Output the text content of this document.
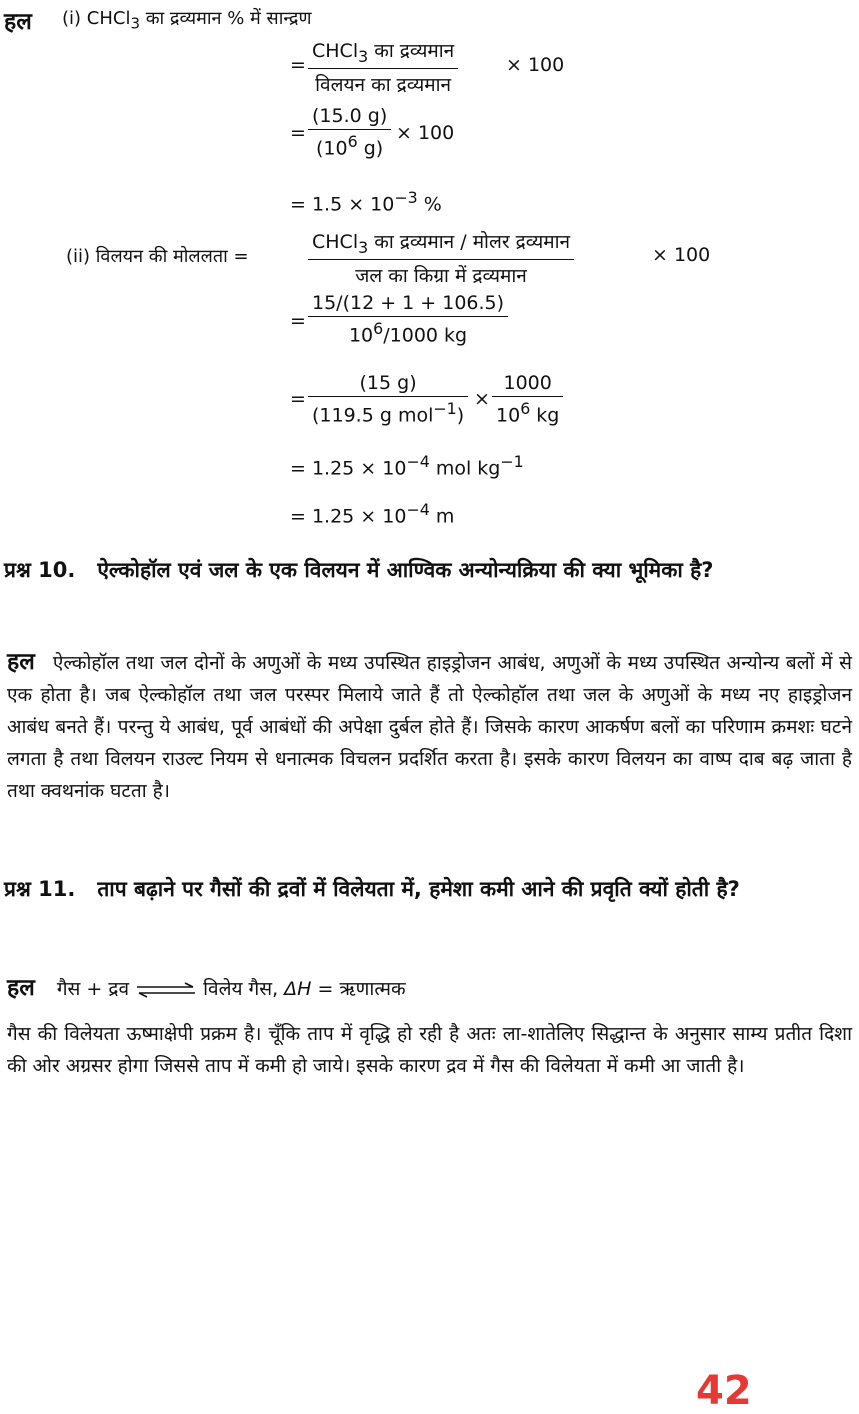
हल (i) CHCl$_3$ का द्रव्यमान % में सान्द्रण
=
CHCl$_3$ का द्रव्यमान
विलयन का द्रव्यमान
× 100
= $\frac{(15.0 g)}{(10^6 g)} \times 100$
= $1.5 \times 10^{-3}$ %
(ii) विलयन की मोललता =
CHCl$_3$ का द्रव्यमान / मोलर द्रव्यमान
जल का किग्रा में द्रव्यमान
× 100
= $\frac{15/(12 + 1 + 106.5)}{10^6/1000 kg}$
=
(15 g)
(119.5 g mol$^{-1}$)
× $\frac{1000}{10^6 kg}$
= $1.25 \times 10^{-4}$ mol $kg^{-1}$
= $1.25 \times 10^{-4}$ m
प्रश्न 10. ऐल्कोहॉल एवं जल के एक विलयन में आण्विक अन्योन्यक्रिया की क्या भूमिका है?
हल ऐल्कोहॉल तथा जल दोनों के अणुओं के मध्य उपस्थित हाइड्रोजन आबंध, अणुओं के मध्य उपस्थित अन्योन्य बलों में से एक होता है। जब ऐल्कोहॉल तथा जल परस्पर मिलाये जाते हैं तो ऐल्कोहॉल तथा जल के अणुओं के मध्य नए हाइड्रोजन आबंध बनते हैं। परन्तु ये आबंध, पूर्व आबंधों की अपेक्षा दुर्बल होते हैं। जिसके कारण आकर्षण बलों का परिणाम क्रमशः घटने लगता है तथा विलयन राउल्ट नियम से धनात्मक विचलन प्रदर्शित करता है। इसके कारण विलयन का वाष्प दाब बढ़ जाता है तथा क्वथनांक घटता है।
प्रश्न 11. ताप बढ़ाने पर गैसों की द्रवों में विलेयता में, हमेशा कमी आने की प्रवृति क्यों होती है?
हल गैस + द्रव ⇌ विलेय गैस, ΔH = ऋणात्मक
गैस की विलेयता ऊष्माक्षेपी प्रक्रम है। चूँकि ताप में वृद्धि हो रही है अतः ला-शातेलिए सिद्धान्त के अनुसार साम्य प्रतीत दिशा की ओर अग्रसर होगा जिससे ताप में कमी हो जाये। इसके कारण द्रव में गैस की विलेयता में कमी आ जाती है।
42
